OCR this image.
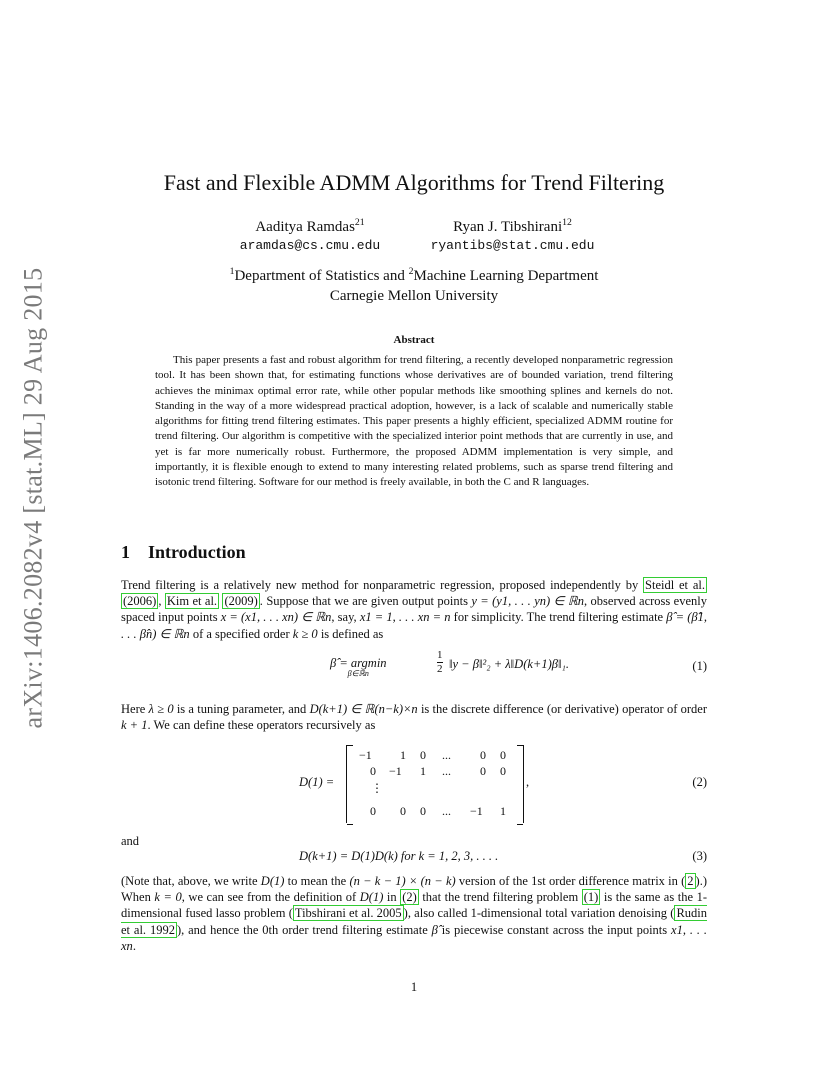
arXiv:1406.2082v4 [stat.ML] 29 Aug 2015
Fast and Flexible ADMM Algorithms for Trend Filtering
Aaditya Ramdas$^{21}$
aramdas@cs.cmu.edu
Ryan J. Tibshirani$^{12}$
ryantibs@stat.cmu.edu
$^1$Department of Statistics and $^2$Machine Learning Department
Carnegie Mellon University
Abstract
This paper presents a fast and robust algorithm for trend filtering, a recently developed nonparametric regression tool. It has been shown that, for estimating functions whose derivatives are of bounded variation, trend filtering achieves the minimax optimal error rate, while other popular methods like smoothing splines and kernels do not. Standing in the way of a more widespread practical adoption, however, is a lack of scalable and numerically stable algorithms for fitting trend filtering estimates. This paper presents a highly efficient, specialized ADMM routine for trend filtering. Our algorithm is competitive with the specialized interior point methods that are currently in use, and yet is far more numerically robust. Furthermore, the proposed ADMM implementation is very simple, and importantly, it is flexible enough to extend to many interesting related problems, such as sparse trend filtering and isotonic trend filtering. Software for our method is freely available, in both the C and R languages.
1 Introduction
Trend filtering is a relatively new method for nonparametric regression, proposed independently by Steidl et al. (2006) , Kim et al. (2009) . Suppose that we are given output points y = (y1, . . . yn) ∈ ℝn, observed across evenly spaced input points x = (x1, . . . xn) ∈ ℝn, say, x1 = 1, . . . xn = n for simplicity. The trend filtering estimate β̂ = (β̂1, . . . β̂n) ∈ ℝn of a specified order k ≥ 0 is defined as
β̂ = argmin
β∈ℝn	$\frac{1}{2}$ ‖y − β‖²₂ + λ‖D(k+1)β‖₁.	(1)
Here λ ≥ 0 is a tuning parameter, and D(k+1) ∈ ℝ(n−k)×n is the discrete difference (or derivative) operator of order k + 1. We can define these operators recursively as
D(1) =	,	(2)
−1 1 0 ... 0 0
0 −1 1 ... 0 0
⋮
0 0 0 ... −1 1
and
D(k+1) = D(1)D(k) for k = 1, 2, 3, . . . .	(3)
(Note that, above, we write D(1) to mean the (n − k − 1) × (n − k) version of the 1st order difference matrix in ( 2 ).) When k = 0, we can see from the definition of D(1) in (2) that the trend filtering problem (1) is the same as the 1-dimensional fused lasso problem ( Tibshirani et al. 2005 ), also called 1-dimensional total variation denoising ( Rudin et al. 1992 ), and hence the 0th order trend filtering estimate β̂ is piecewise constant across the input points x1, . . . xn.
1
